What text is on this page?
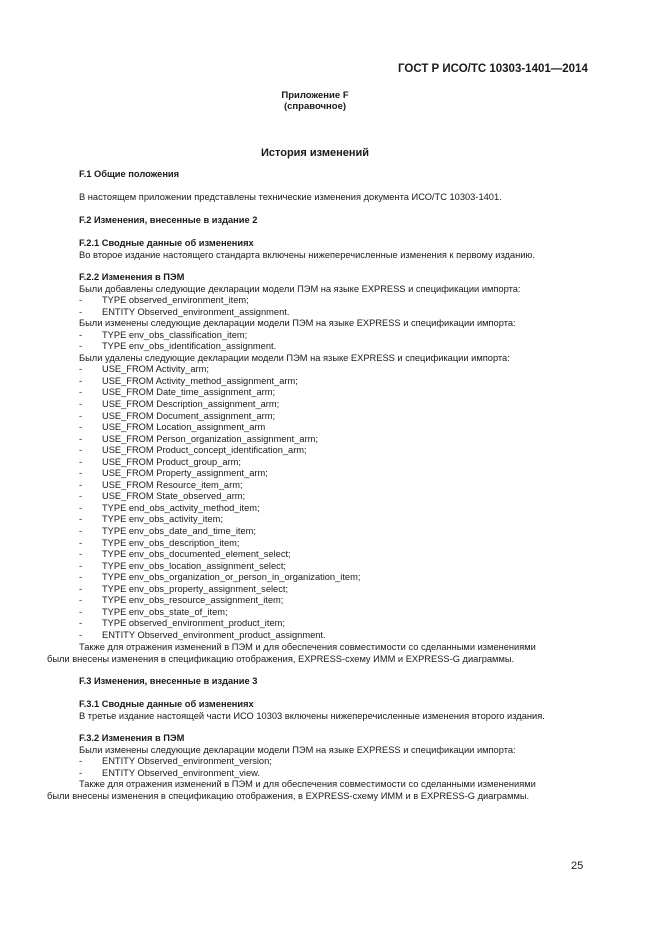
ГОСТ Р ИСО/ТС 10303-1401—2014
Приложение F
(справочное)
История изменений
F.1 Общие положения
В настоящем приложении представлены технические изменения документа ИСО/ТС 10303-1401.
F.2 Изменения, внесенные в издание 2
F.2.1 Сводные данные об изменениях
Во второе издание настоящего стандарта включены нижеперечисленные изменения к первому изданию.
F.2.2 Изменения в ПЭМ
Были добавлены следующие декларации модели ПЭМ на языке EXPRESS и спецификации импорта:
- TYPE observed_environment_item;
- ENTITY Observed_environment_assignment.
Были изменены следующие декларации модели ПЭМ на языке EXPRESS и спецификации импорта:
- TYPE env_obs_classification_item;
- TYPE env_obs_identification_assignment.
Были удалены следующие декларации модели ПЭМ на языке EXPRESS и спецификации импорта:
- USE_FROM Activity_arm;
- USE_FROM Activity_method_assignment_arm;
- USE_FROM Date_time_assignment_arm;
- USE_FROM Description_assignment_arm;
- USE_FROM Document_assignment_arm;
- USE_FROM Location_assignment_arm
- USE_FROM Person_organization_assignment_arm;
- USE_FROM Product_concept_identification_arm;
- USE_FROM Product_group_arm;
- USE_FROM Property_assignment_arm;
- USE_FROM Resource_item_arm;
- USE_FROM State_observed_arm;
- TYPE end_obs_activity_method_item;
- TYPE env_obs_activity_item;
- TYPE env_obs_date_and_time_item;
- TYPE env_obs_description_item;
- TYPE env_obs_documented_element_select;
- TYPE env_obs_location_assignment_select;
- TYPE env_obs_organization_or_person_in_organization_item;
- TYPE env_obs_property_assignment_select;
- TYPE env_obs_resource_assignment_item;
- TYPE env_obs_state_of_item;
- TYPE observed_environment_product_item;
- ENTITY Observed_environment_product_assignment.
Также для отражения изменений в ПЭМ и для обеспечения совместимости со сделанными изменениями
были внесены изменения в спецификацию отображения, EXPRESS-схему ИММ и EXPRESS-G диаграммы.
F.3 Изменения, внесенные в издание 3
F.3.1 Сводные данные об изменениях
В третье издание настоящей части ИСО 10303 включены нижеперечисленные изменения второго издания.
F.3.2 Изменения в ПЭМ
Были изменены следующие декларации модели ПЭМ на языке EXPRESS и спецификации импорта:
- ENTITY Observed_environment_version;
- ENTITY Observed_environment_view.
Также для отражения изменений в ПЭМ и для обеспечения совместимости со сделанными изменениями
были внесены изменения в спецификацию отображения, в EXPRESS-схему ИММ и в EXPRESS-G диаграммы.
25
